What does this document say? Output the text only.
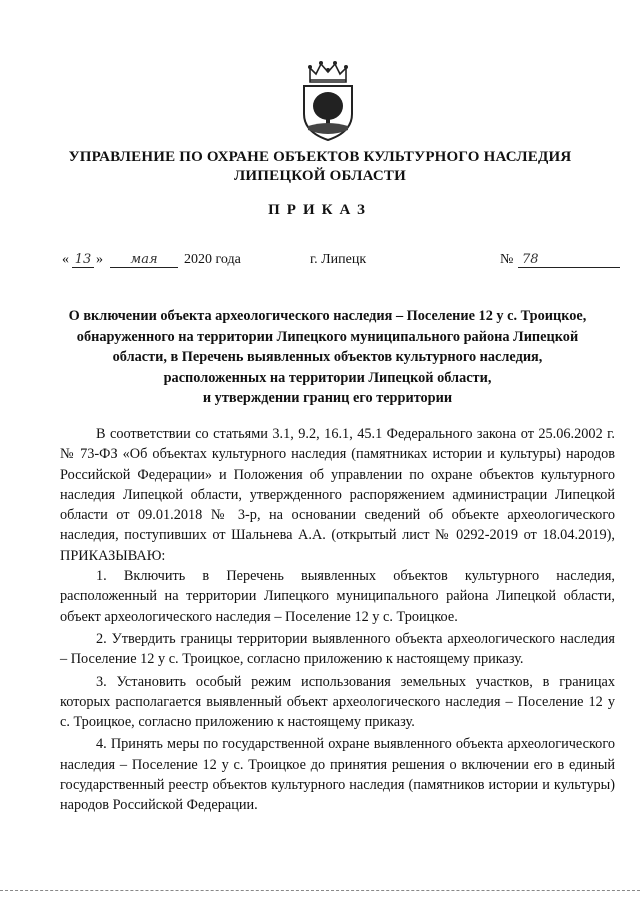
УПРАВЛЕНИЕ ПО ОХРАНЕ ОБЪЕКТОВ КУЛЬТУРНОГО НАСЛЕДИЯ
ЛИПЕЦКОЙ ОБЛАСТИ
ПРИКАЗ
« 13 »	мая	2020 года	г. Липецк	№ 78
О включении объекта археологического наследия – Поселение 12 у с. Троицкое,
обнаруженного на территории Липецкого муниципального района Липецкой
области, в Перечень выявленных объектов культурного наследия,
расположенных на территории Липецкой области,
и утверждении границ его территории

В соответствии со статьями 3.1, 9.2, 16.1, 45.1 Федерального закона от 25.06.2002 г. № 73-ФЗ «Об объектах культурного наследия (памятниках истории и культуры) народов Российской Федерации» и Положения об управлении по охране объектов культурного наследия Липецкой области, утвержденного распоряжением администрации Липецкой области от 09.01.2018 № 3-р, на основании сведений об объекте археологического наследия, поступивших от Шальнева А.А. (открытый лист № 0292-2019 от 18.04.2019), ПРИКАЗЫВАЮ:

1. Включить в Перечень выявленных объектов культурного наследия, расположенный на территории Липецкого муниципального района Липецкой области, объект археологического наследия – Поселение 12 у с. Троицкое.

2. Утвердить границы территории выявленного объекта археологического наследия – Поселение 12 у с. Троицкое, согласно приложению к настоящему приказу.

3. Установить особый режим использования земельных участков, в границах которых располагается выявленный объект археологического наследия – Поселение 12 у с. Троицкое, согласно приложению к настоящему приказу.

4. Принять меры по государственной охране выявленного объекта археологического наследия – Поселение 12 у с. Троицкое до принятия решения о включении его в единый государственный реестр объектов культурного наследия (памятников истории и культуры) народов Российской Федерации.
